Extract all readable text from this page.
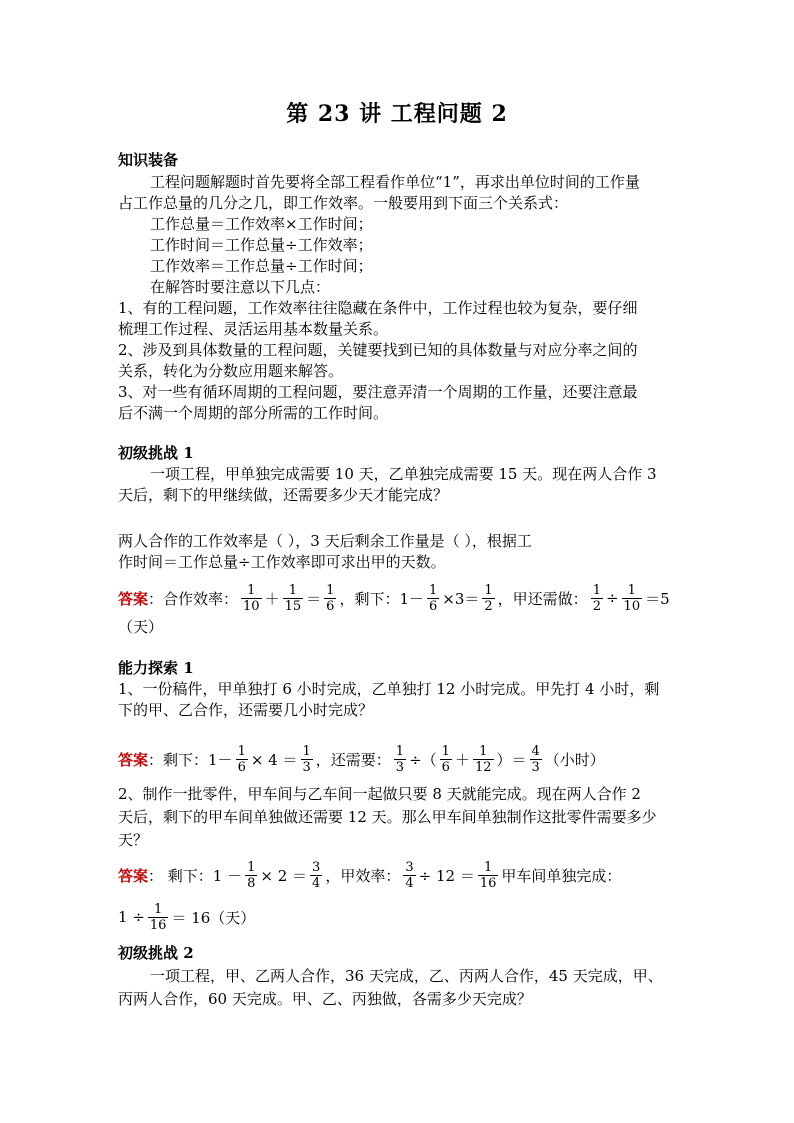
第 23 讲 工程问题 2
知识装备
工程问题解题时首先要将全部工程看作单位“1”，再求出单位时间的工作量
占工作总量的几分之几，即工作效率。一般要用到下面三个关系式：
工作总量＝工作效率×工作时间；
工作时间＝工作总量÷工作效率；
工作效率＝工作总量÷工作时间；
在解答时要注意以下几点：
1、有的工程问题，工作效率往往隐藏在条件中，工作过程也较为复杂，要仔细
梳理工作过程、灵活运用基本数量关系。
2、涉及到具体数量的工程问题，关键要找到已知的具体数量与对应分率之间的
关系，转化为分数应用题来解答。
3、对一些有循环周期的工程问题，要注意弄清一个周期的工作量，还要注意最
后不满一个周期的部分所需的工作时间。
初级挑战 1
一项工程，甲单独完成需要 10 天，乙单独完成需要 15 天。现在两人合作 3
天后，剩下的甲继续做，还需要多少天才能完成？
两人合作的工作效率是（ ），3 天后剩余工作量是（ ），根据工
作时间＝工作总量÷工作效率即可求出甲的天数。
答案 ：合作效率： $\frac{1}{10} + \frac{1}{15} = \frac{1}{6}$ ，剩下：$1- \frac{1}{6} \times 3= \frac{1}{2}$ ，甲还需做： $\frac{1}{2} \div \frac{1}{10} =5$
（天）
能力探索 1
1、一份稿件，甲单独打 6 小时完成，乙单独打 12 小时完成。甲先打 4 小时，剩
下的甲、乙合作，还需要几小时完成？
答案 ：剩下：$1- \frac{1}{6} \times 4 = \frac{1}{3}$ ，还需要： $\frac{1}{3}$ ÷（ $\frac{1}{6} + \frac{1}{12}$ ）＝ $\frac{4}{3}$ （小时）
2、制作一批零件，甲车间与乙车间一起做只要 8 天就能完成。现在两人合作 2
天后，剩下的甲车间单独做还需要 12 天。那么甲车间单独制作这批零件需要多少
天？
答案 ： 剩下：$1 - \frac{1}{8} \times 2 = \frac{3}{4}$ ，甲效率： $\frac{3}{4} \div 12 = \frac{1}{16}$ 甲车间单独完成：
$1 \div \frac{1}{16} = 16$（天）
初级挑战 2
一项工程，甲、乙两人合作，36 天完成，乙、丙两人合作，45 天完成，甲、
丙两人合作，60 天完成。甲、乙、丙独做，各需多少天完成？
